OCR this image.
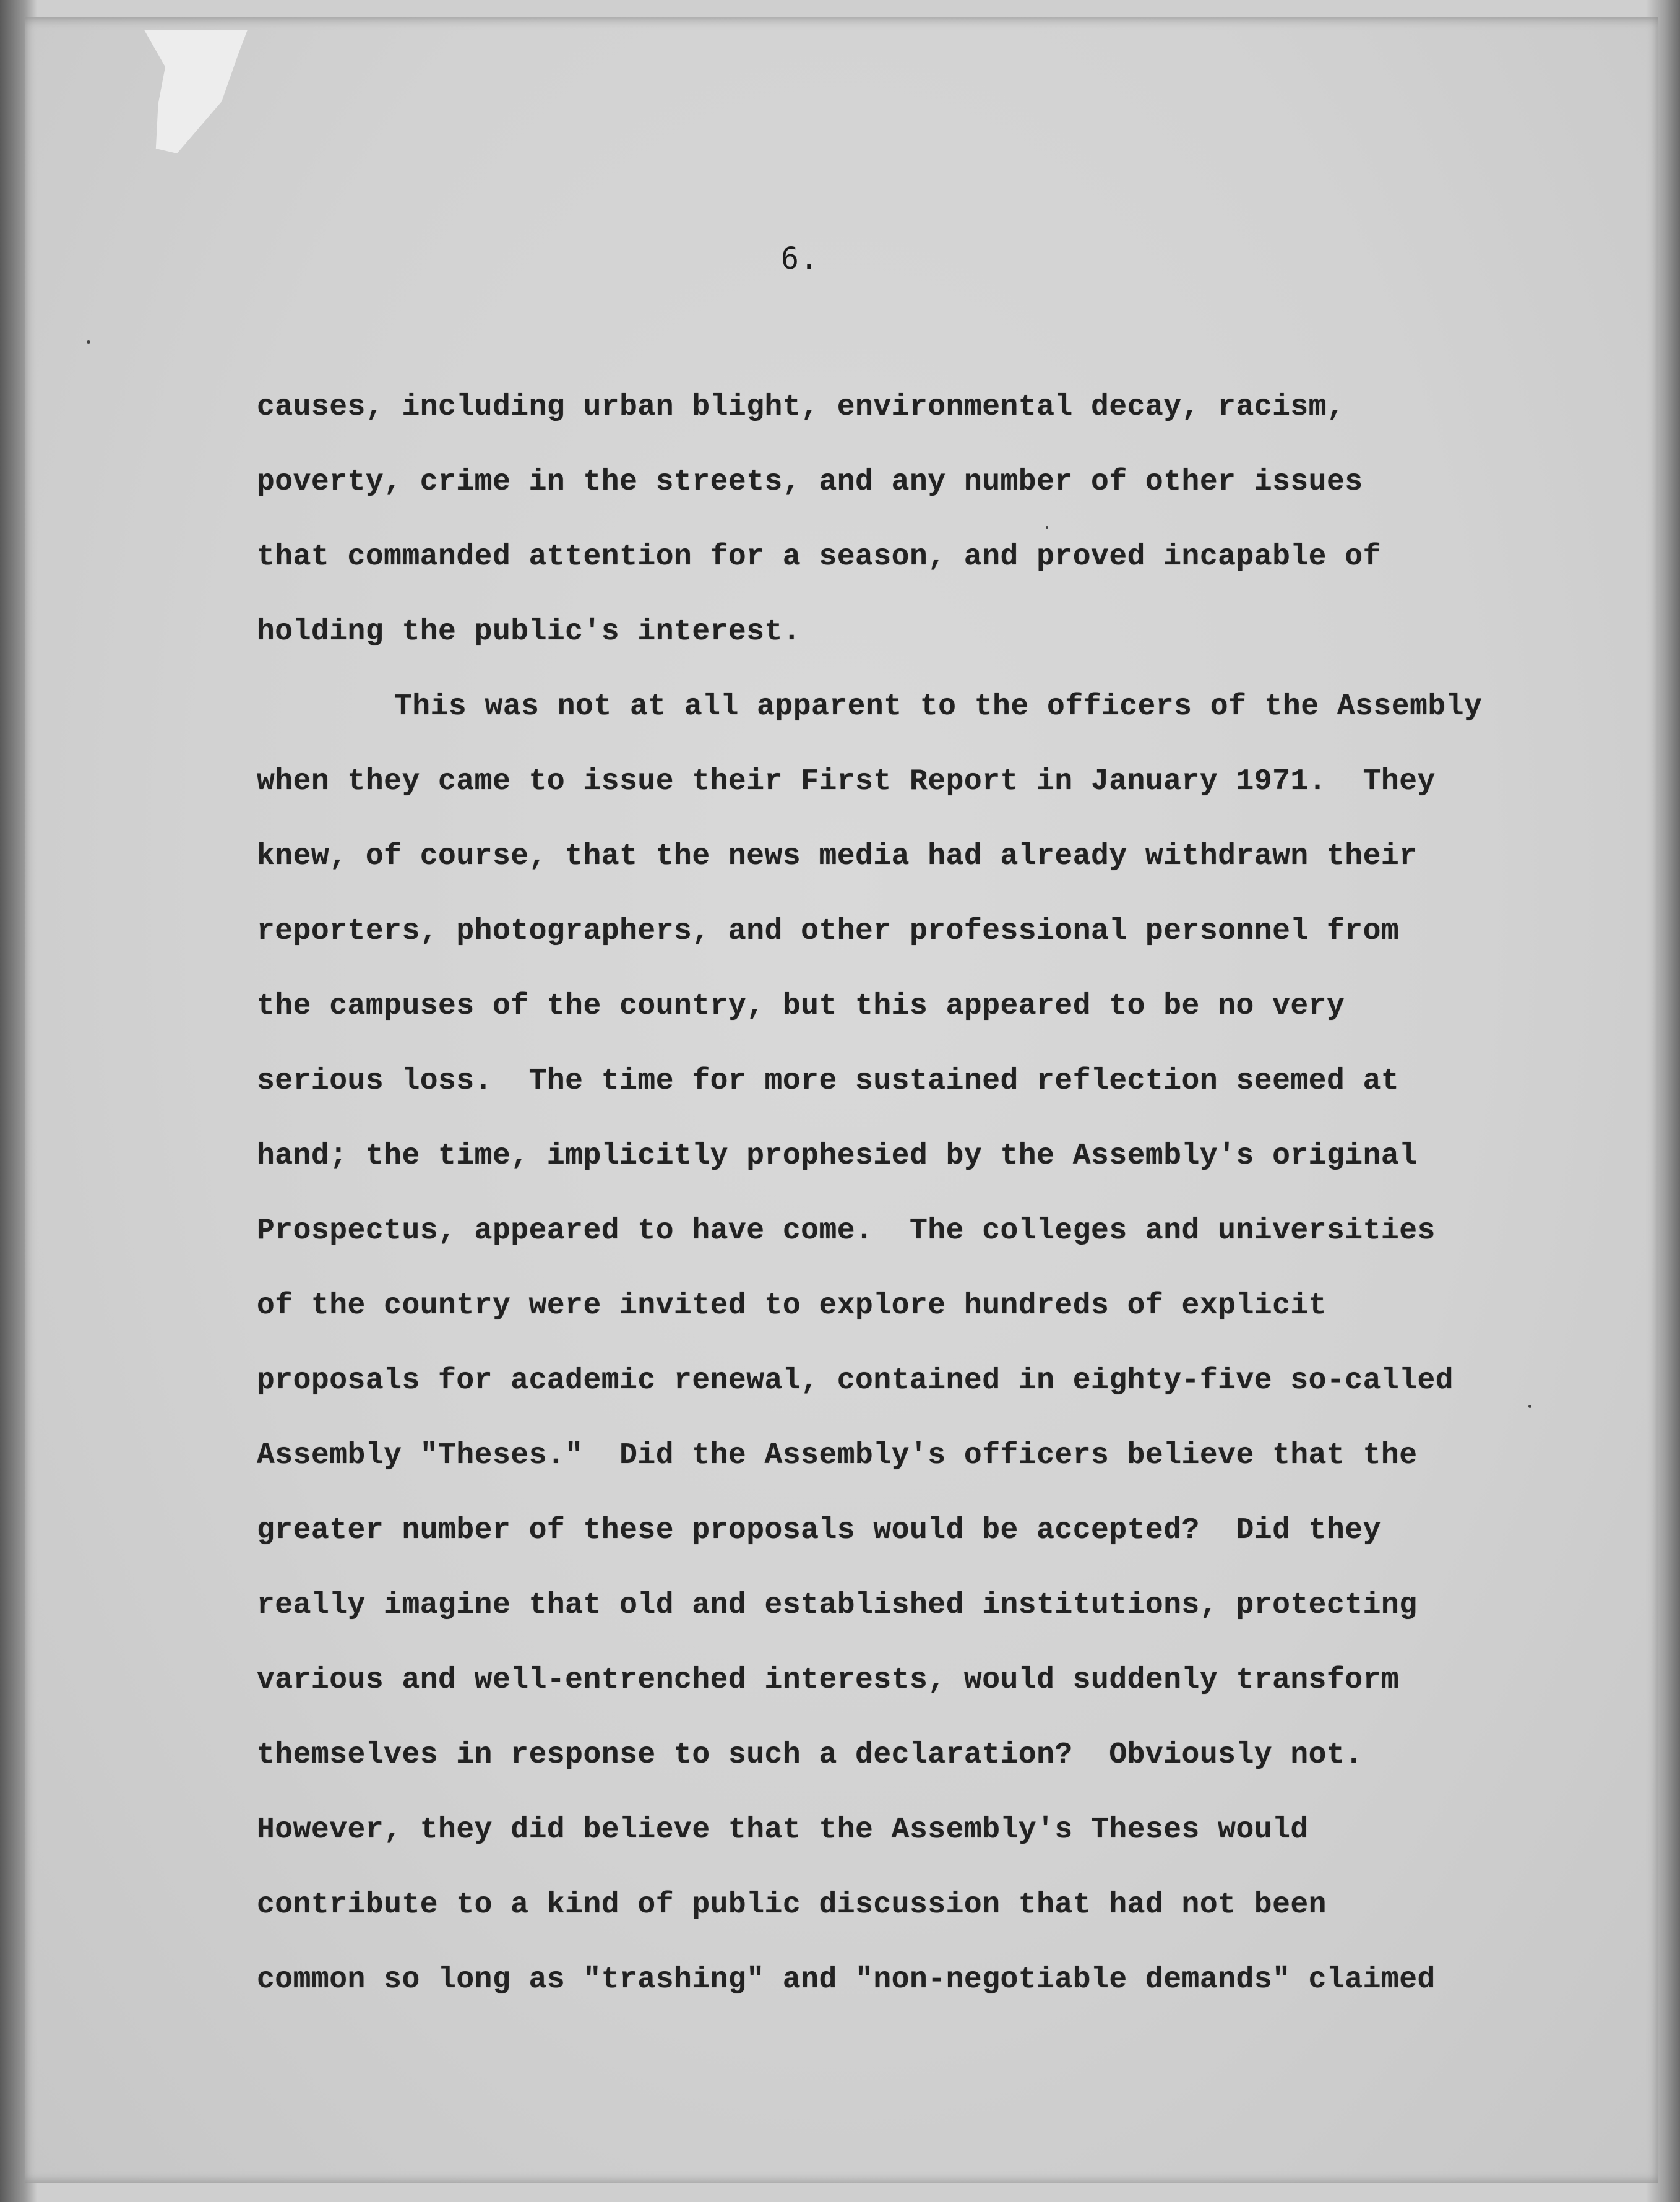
6.
causes, including urban blight, environmental decay, racism,
poverty, crime in the streets, and any number of other issues
that commanded attention for a season, and proved incapable of
holding the public's interest.
This was not at all apparent to the officers of the Assembly
when they came to issue their First Report in January 1971.  They
knew, of course, that the news media had already withdrawn their
reporters, photographers, and other professional personnel from
the campuses of the country, but this appeared to be no very
serious loss.  The time for more sustained reflection seemed at
hand; the time, implicitly prophesied by the Assembly's original
Prospectus, appeared to have come.  The colleges and universities
of the country were invited to explore hundreds of explicit
proposals for academic renewal, contained in eighty-five so-called
Assembly "Theses."  Did the Assembly's officers believe that the
greater number of these proposals would be accepted?  Did they
really imagine that old and established institutions, protecting
various and well-entrenched interests, would suddenly transform
themselves in response to such a declaration?  Obviously not.
However, they did believe that the Assembly's Theses would
contribute to a kind of public discussion that had not been
common so long as "trashing" and "non-negotiable demands" claimed
